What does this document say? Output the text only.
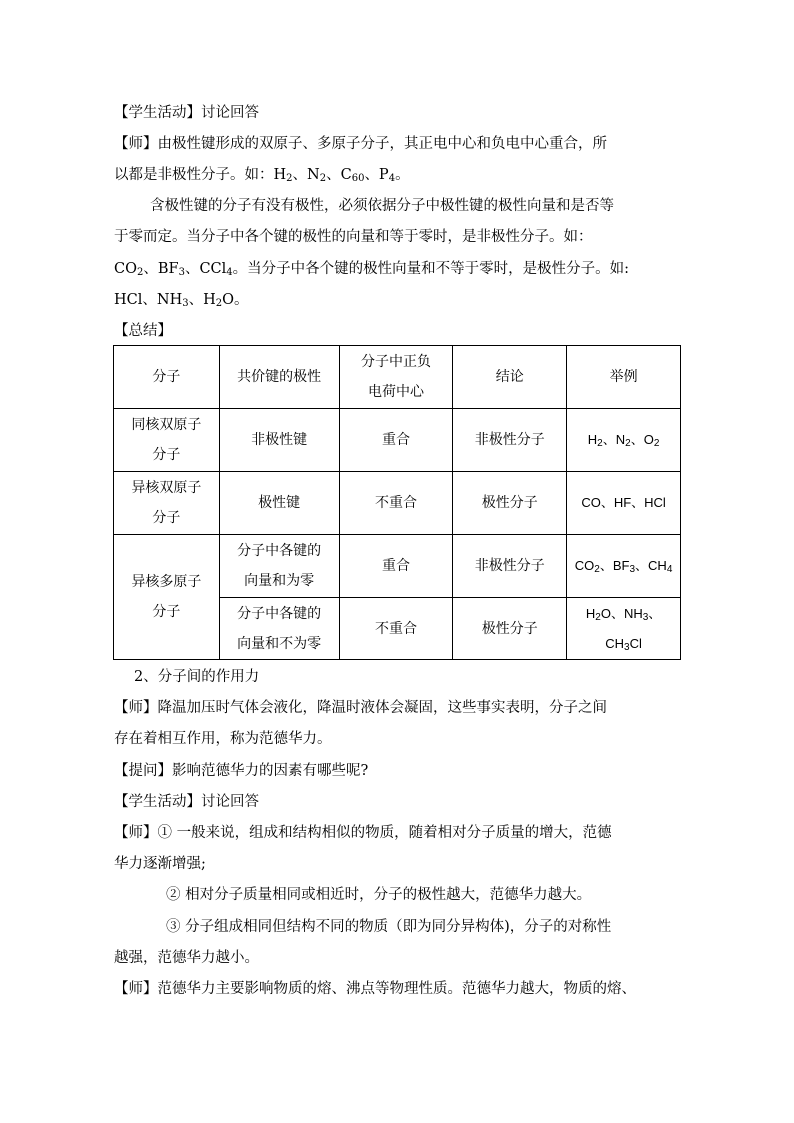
【学生活动】讨论回答
【师】由极性键形成的双原子、多原子分子，其正电中心和负电中心重合，所
以都是非极性分子。如：$H_2$、$N_2$、$C_{60}$、$P_4$。
含极性键的分子有没有极性，必须依据分子中极性键的极性向量和是否等
于零而定。当分子中各个键的极性的向量和等于零时，是非极性分子。如：
$CO_2$、$BF_3$、CCl$_4$。当分子中各个键的极性向量和不等于零时，是极性分子。如:
HCl、$NH_3$、$H_2O$。
【总结】
分子	共价键的极性	分子中正负
电荷中心	结论	举例

同核双原子
分子	非极性键	重合	非极性分子	$H_2$、$N_2$、$O_2$

异核双原子
分子	极性键	不重合	极性分子	CO、HF、HCl

异核多原子
分子	分子中各键的
向量和为零	重合	非极性分子	$CO_2$、$BF_3$、$CH_4$

	分子中各键的
向量和不为零	不重合	极性分子	$H_2O$、$NH_3$、
$CH_3Cl$
2、分子间的作用力
【师】降温加压时气体会液化，降温时液体会凝固，这些事实表明，分子之间
存在着相互作用，称为范德华力。
【提问】影响范德华力的因素有哪些呢?
【学生活动】讨论回答
【师】① 一般来说，组成和结构相似的物质，随着相对分子质量的增大，范德
华力逐渐增强;
② 相对分子质量相同或相近时，分子的极性越大，范德华力越大。
③ 分子组成相同但结构不同的物质（即为同分异构体)，分子的对称性
越强，范德华力越小。
【师】范德华力主要影响物质的熔、沸点等物理性质。范德华力越大，物质的熔、
